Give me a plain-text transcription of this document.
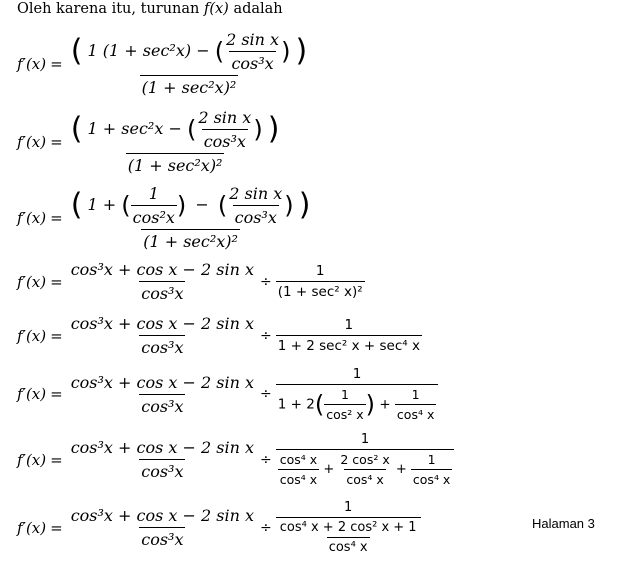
Oleh karena itu, turunan f(x) adalah
$f'(x) = \frac{( 1 (1 + \sec^2x) - ( \frac{\text{2 sin x}}{\text{cos³x}} ) )}{\text{(1 + sec²x)²}}$
$f'(x) = \frac{( 1 + \sec^2x - ( \frac{\text{2 sin x}}{\text{cos³x}} ) )}{\text{(1 + sec²x)²}}$
f′(x) = ( 1 + ( $\frac{1}{\text{cos²x}}$ ) − ( $\frac{\text{2 sin x}}{\text{cos³x}}$ ) )
(1 + sec²x)²
$f'(x) = \frac{\text{cos³x + cos x − 2 sin x}}{\text{cos³x}} \div \frac{1}{\text{(1 + sec² x)²}}$
$f'(x) = \frac{\text{cos³x + cos x − 2 sin x}}{\text{cos³x}} \div \frac{1}{\text{1 + 2 sec² x + sec⁴ x}}$
$f'(x) = \frac{\text{cos³x + cos x − 2 sin x}}{\text{cos³x}} \div \frac{1}{1 + 2( \frac{1}{\text{cos² x}} ) + \frac{1}{\text{cos⁴ x}}}$
$f'(x) = \frac{\text{cos³x + cos x − 2 sin x}}{\text{cos³x}}$ ÷
1
$\frac{\text{cos⁴ x}}{\text{cos⁴ x}} + \frac{\text{2 cos² x}}{\text{cos⁴ x}} + \frac{1}{\text{cos⁴ x}}$
$f'(x) = \frac{\text{cos³x + cos x − 2 sin x}}{\text{cos³x}} \div \frac{1}{\frac{\text{cos⁴ x + 2 cos² x + 1}}{\text{cos⁴ x}}}$	Halaman 3
